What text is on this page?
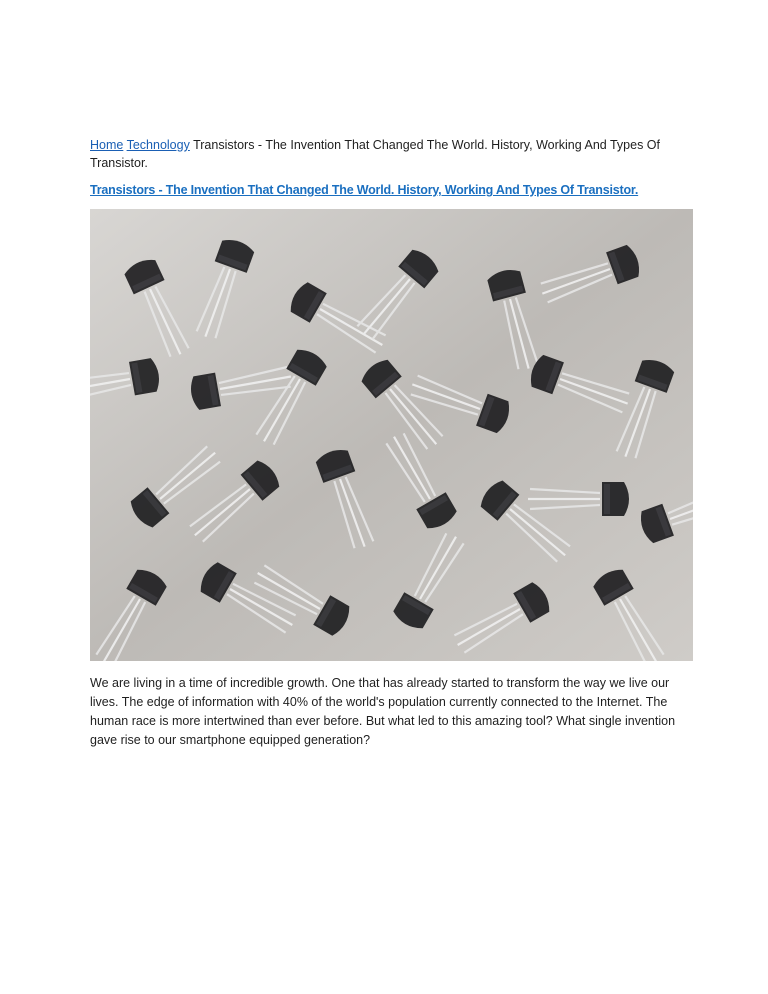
Home Technology Transistors - The Invention That Changed The World. History, Working And Types Of Transistor.
Transistors - The Invention That Changed The World. History, Working And Types Of Transistor.

We are living in a time of incredible growth. One that has already started to transform the way we live our lives. The edge of information with 40% of the world's population currently connected to the Internet. The human race is more intertwined than ever before. But what led to this amazing tool? What single invention gave rise to our smartphone equipped generation?
